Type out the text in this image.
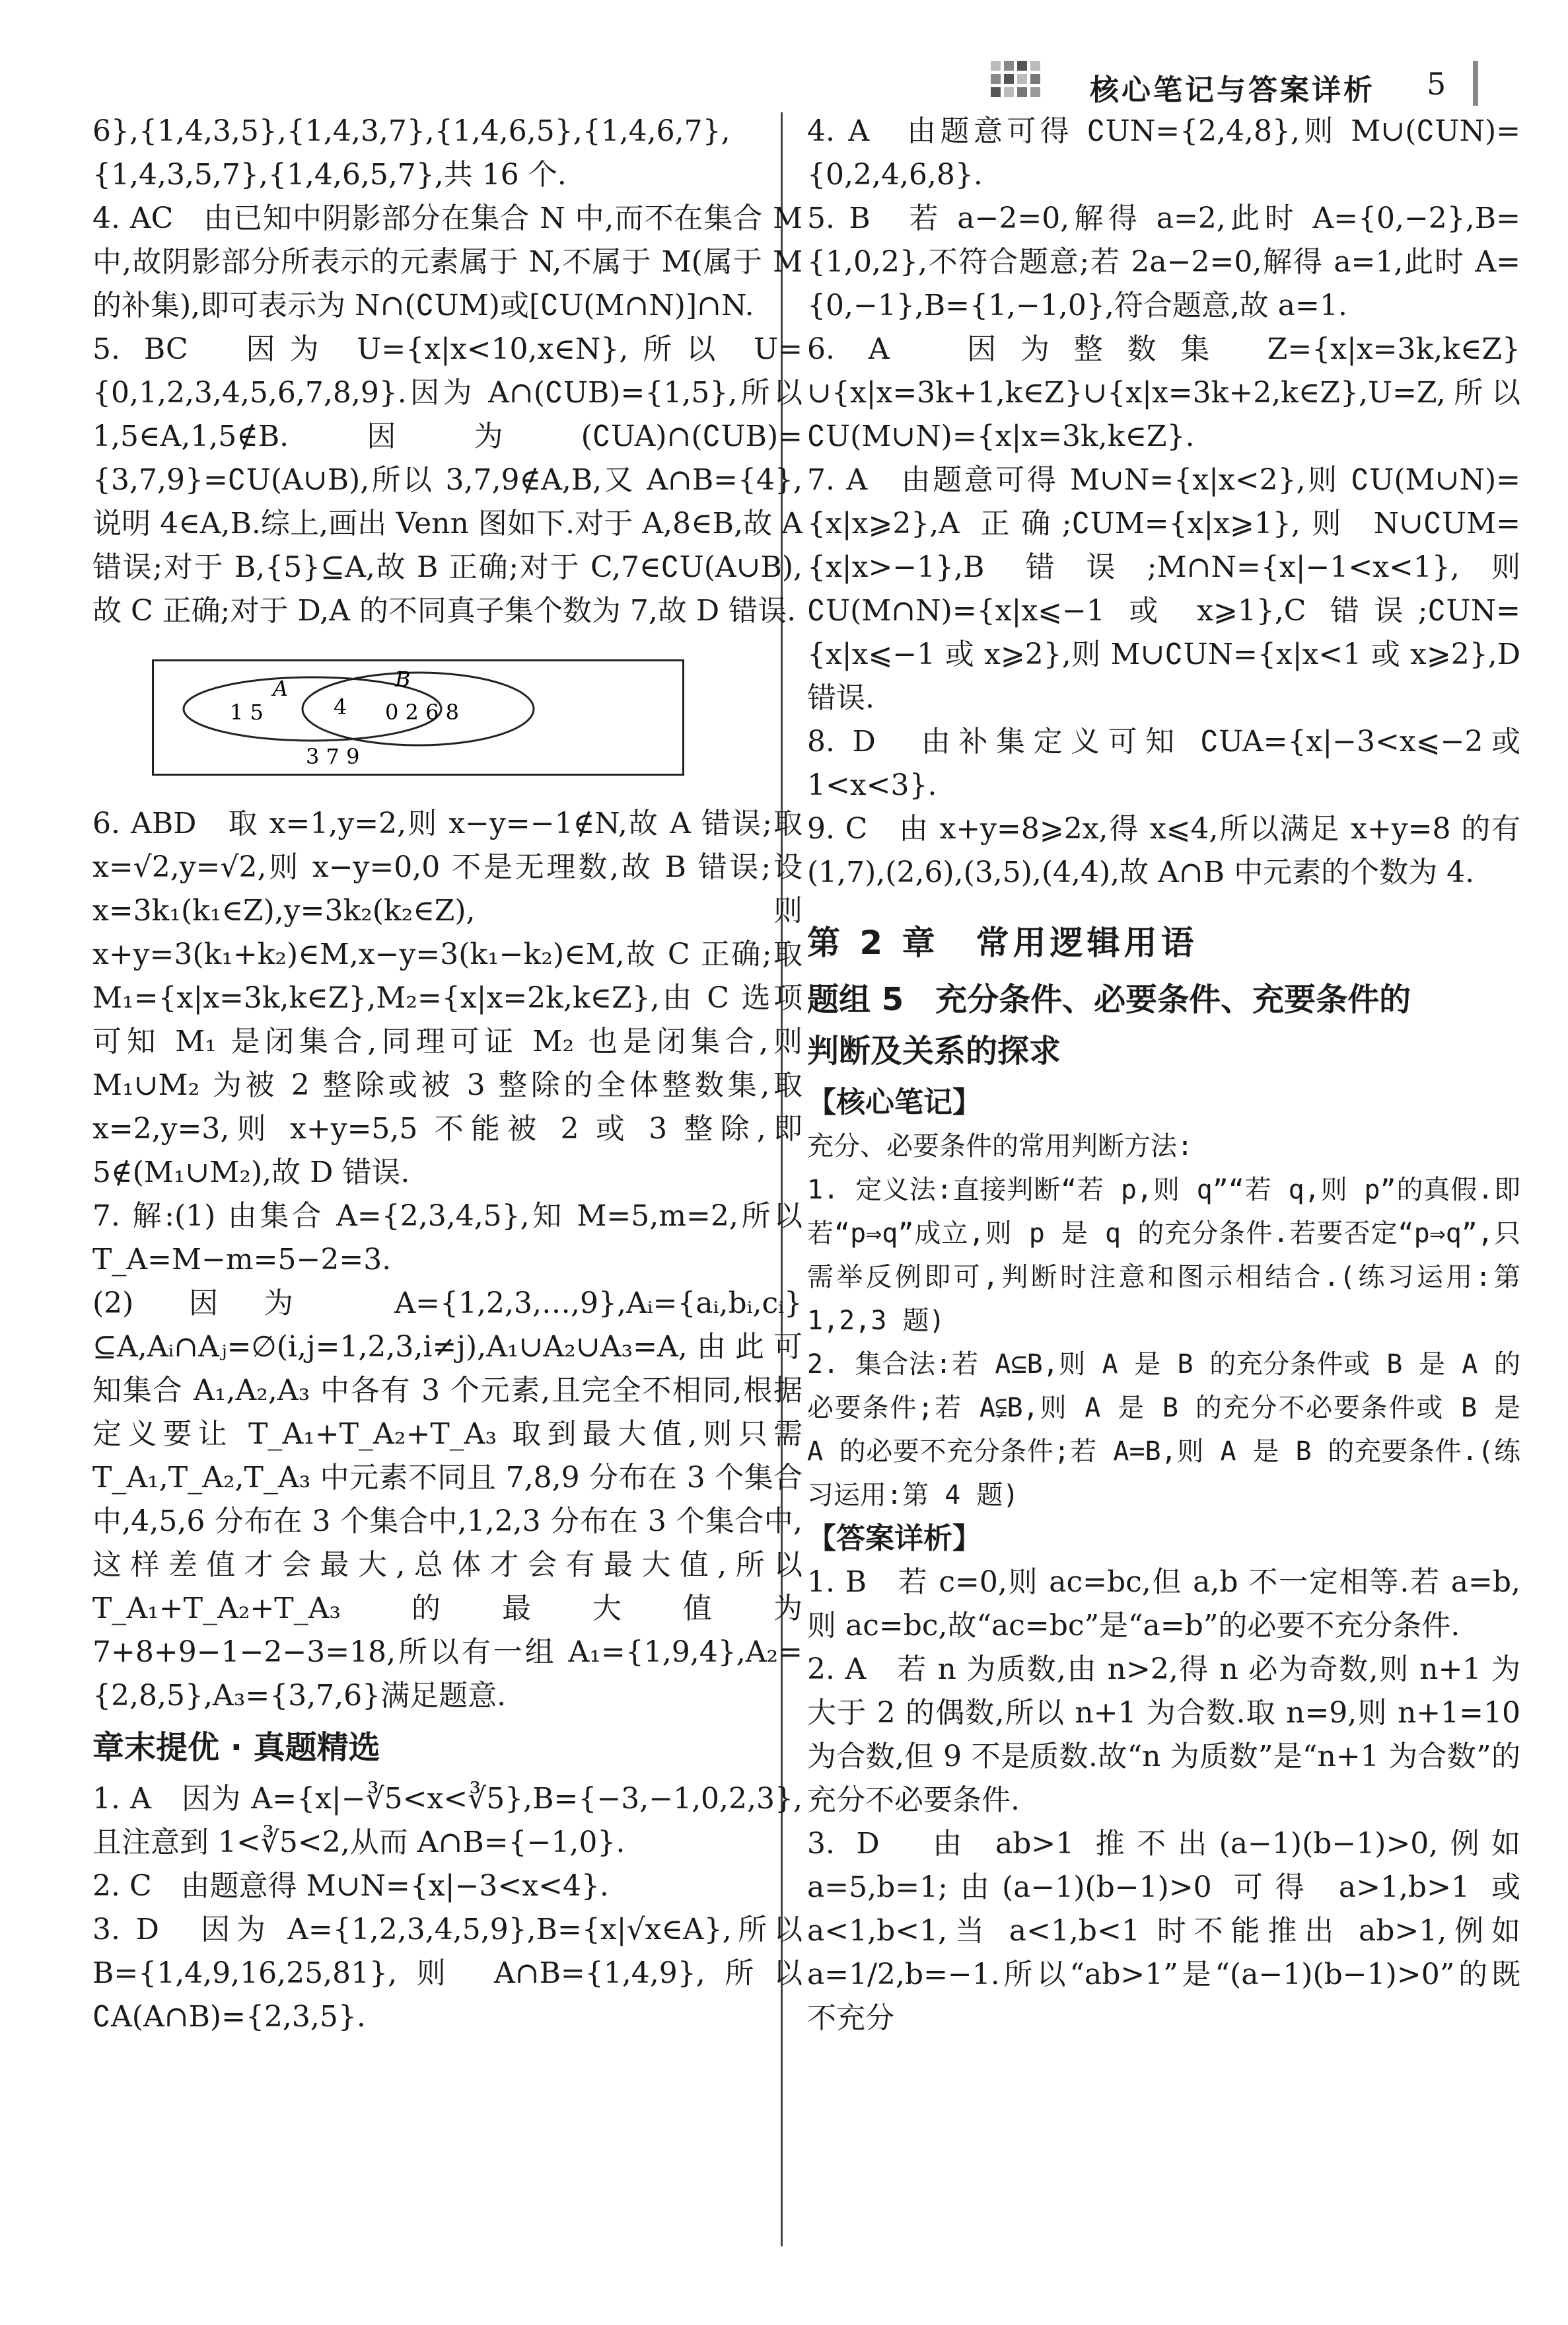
核心笔记与答案详析 5

6},{1,4,3,5},{1,4,3,7},{1,4,6,5},{1,4,6,7},{1,4,3,5,7},{1,4,6,5,7},共 16 个.

4. AC　由已知中阴影部分在集合 N 中,而不在集合 M 中,故阴影部分所表示的元素属于 N,不属于 M(属于 M 的补集),即可表示为 N∩(∁UM)或[∁U(M∩N)]∩N.

5. BC　因为 U={x|x<10,x∈N},所以 U={0,1,2,3,4,5,6,7,8,9}.因为 A∩(∁UB)={1,5},所以 1,5∈A,1,5∉B.因为(∁UA)∩(∁UB)={3,7,9}=∁U(A∪B),所以 3,7,9∉A,B,又 A∩B={4},说明 4∈A,B.综上,画出 Venn 图如下.对于 A,8∈B,故 A 错误;对于 B,{5}⊆A,故 B 正确;对于 C,7∈∁U(A∪B),故 C 正确;对于 D,A 的不同真子集个数为 7,故 D 错误.

A	B
1 5	4 0 2 6 8
3 7 9

6. ABD　取 x=1,y=2,则 x−y=−1∉N,故 A 错误;取 x=√2,y=√2,则 x−y=0,0 不是无理数,故 B 错误;设 x=3k₁(k₁∈Z),y=3k₂(k₂∈Z),则 x+y=3(k₁+k₂)∈M,x−y=3(k₁−k₂)∈M,故 C 正确;取 M₁={x|x=3k,k∈Z},M₂={x|x=2k,k∈Z},由 C 选项可知 M₁ 是闭集合,同理可证 M₂ 也是闭集合,则 M₁∪M₂ 为被 2 整除或被 3 整除的全体整数集,取 x=2,y=3,则 x+y=5,5 不能被 2 或 3 整除,即 5∉(M₁∪M₂),故 D 错误.

7. 解:(1) 由集合 A={2,3,4,5},知 M=5,m=2,所以 T_A=M−m=5−2=3.

(2) 因为 A={1,2,3,…,9},Aᵢ={aᵢ,bᵢ,cᵢ}⊆A,Aᵢ∩Aⱼ=∅(i,j=1,2,3,i≠j),A₁∪A₂∪A₃=A,由此可知集合 A₁,A₂,A₃ 中各有 3 个元素,且完全不相同,根据定义要让 T_A₁+T_A₂+T_A₃ 取到最大值,则只需 T_A₁,T_A₂,T_A₃ 中元素不同且 7,8,9 分布在 3 个集合中,4,5,6 分布在 3 个集合中,1,2,3 分布在 3 个集合中,这样差值才会最大,总体才会有最大值,所以 T_A₁+T_A₂+T_A₃ 的最大值为 7+8+9−1−2−3=18,所以有一组 A₁={1,9,4},A₂={2,8,5},A₃={3,7,6}满足题意.

章末提优 · 真题精选

1. A　因为 A={x|−∛5<x<∛5},B={−3,−1,0,2,3},且注意到 1<∛5<2,从而 A∩B={−1,0}.

2. C　由题意得 M∪N={x|−3<x<4}.

3. D　因为 A={1,2,3,4,5,9},B={x|√x∈A},所以 B={1,4,9,16,25,81},则 A∩B={1,4,9},所以 ∁A(A∩B)={2,3,5}.

4. A　由题意可得 ∁UN={2,4,8},则 M∪(∁UN)={0,2,4,6,8}.

5. B　若 a−2=0,解得 a=2,此时 A={0,−2},B={1,0,2},不符合题意;若 2a−2=0,解得 a=1,此时 A={0,−1},B={1,−1,0},符合题意,故 a=1.

6. A　因为整数集 Z={x|x=3k,k∈Z}∪{x|x=3k+1,k∈Z}∪{x|x=3k+2,k∈Z},U=Z,所以 ∁U(M∪N)={x|x=3k,k∈Z}.

7. A　由题意可得 M∪N={x|x<2},则 ∁U(M∪N)={x|x⩾2},A 正确;∁UM={x|x⩾1},则 N∪∁UM={x|x>−1},B 错误;M∩N={x|−1<x<1},则 ∁U(M∩N)={x|x⩽−1 或 x⩾1},C 错误;∁UN={x|x⩽−1 或 x⩾2},则 M∪∁UN={x|x<1 或 x⩾2},D 错误.

8. D　由补集定义可知 ∁UA={x|−3<x⩽−2或 1<x<3}.

9. C　由 x+y=8⩾2x,得 x⩽4,所以满足 x+y=8 的有(1,7),(2,6),(3,5),(4,4),故 A∩B 中元素的个数为 4.

第 2 章　常用逻辑用语

题组 5　充分条件、必要条件、充要条件的

判断及关系的探求

【核心笔记】

充分、必要条件的常用判断方法:

1. 定义法:直接判断“若 p,则 q”“若 q,则 p”的真假.即若“p⇒q”成立,则 p 是 q 的充分条件.若要否定“p⇒q”,只需举反例即可,判断时注意和图示相结合.(练习运用:第 1,2,3 题)

2. 集合法:若 A⊆B,则 A 是 B 的充分条件或 B 是 A 的必要条件;若 A⫋B,则 A 是 B 的充分不必要条件或 B 是 A 的必要不充分条件;若 A=B,则 A 是 B 的充要条件.(练习运用:第 4 题)

【答案详析】

1. B　若 c=0,则 ac=bc,但 a,b 不一定相等.若 a=b,则 ac=bc,故“ac=bc”是“a=b”的必要不充分条件.

2. A　若 n 为质数,由 n>2,得 n 必为奇数,则 n+1 为大于 2 的偶数,所以 n+1 为合数.取 n=9,则 n+1=10 为合数,但 9 不是质数.故“n 为质数”是“n+1 为合数”的充分不必要条件.

3. D　由 ab>1 推不出(a−1)(b−1)>0,例如 a=5,b=1;由(a−1)(b−1)>0 可得 a>1,b>1 或 a<1,b<1,当 a<1,b<1 时不能推出 ab>1,例如 a=1/2,b=−1.所以“ab>1”是“(a−1)(b−1)>0”的既不充分
